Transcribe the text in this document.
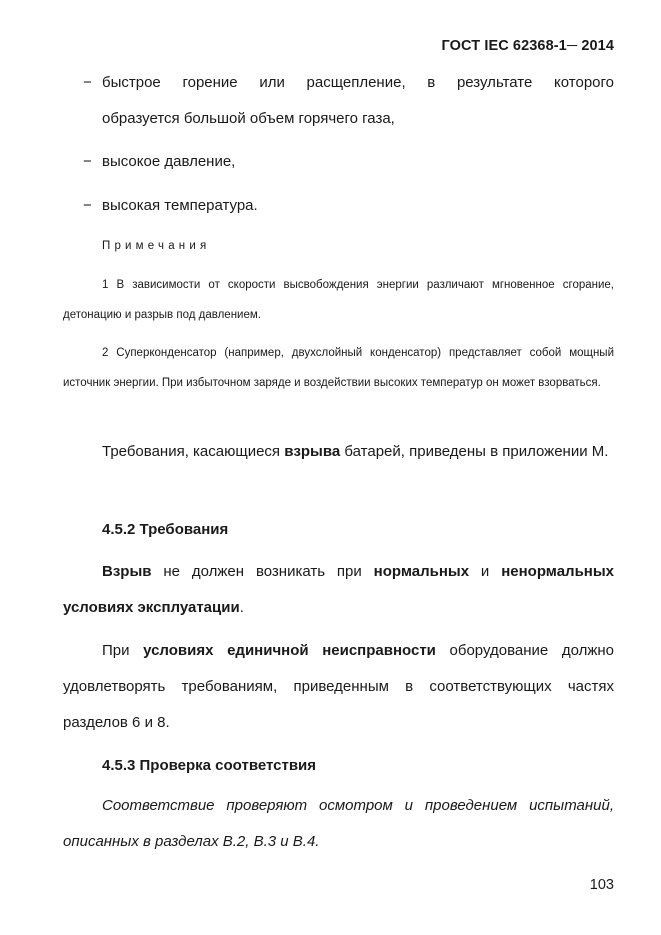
ГОСТ IEC 62368-1─ 2014
− быстрое горение или расщепление, в результате которого
образуется большой объем горячего газа,
− высокое давление,
− высокая температура.
Примечания
1 В зависимости от скорости высвобождения энергии различают мгновенное сгорание, детонацию и разрыв под давлением.
2 Суперконденсатор (например, двухслойный конденсатор) представляет собой мощный источник энергии. При избыточном заряде и воздействии высоких температур он может взорваться.
Требования, касающиеся взрыва батарей, приведены в приложении М.
4.5.2 Требования
Взрыв не должен возникать при нормальных и ненормальных условиях эксплуатации.
При условиях единичной неисправности оборудование должно удовлетворять требованиям, приведенным в соответствующих частях разделов 6 и 8.
4.5.3 Проверка соответствия
Соответствие проверяют осмотром и проведением испытаний, описанных в разделах В.2, В.3 и В.4.
103
